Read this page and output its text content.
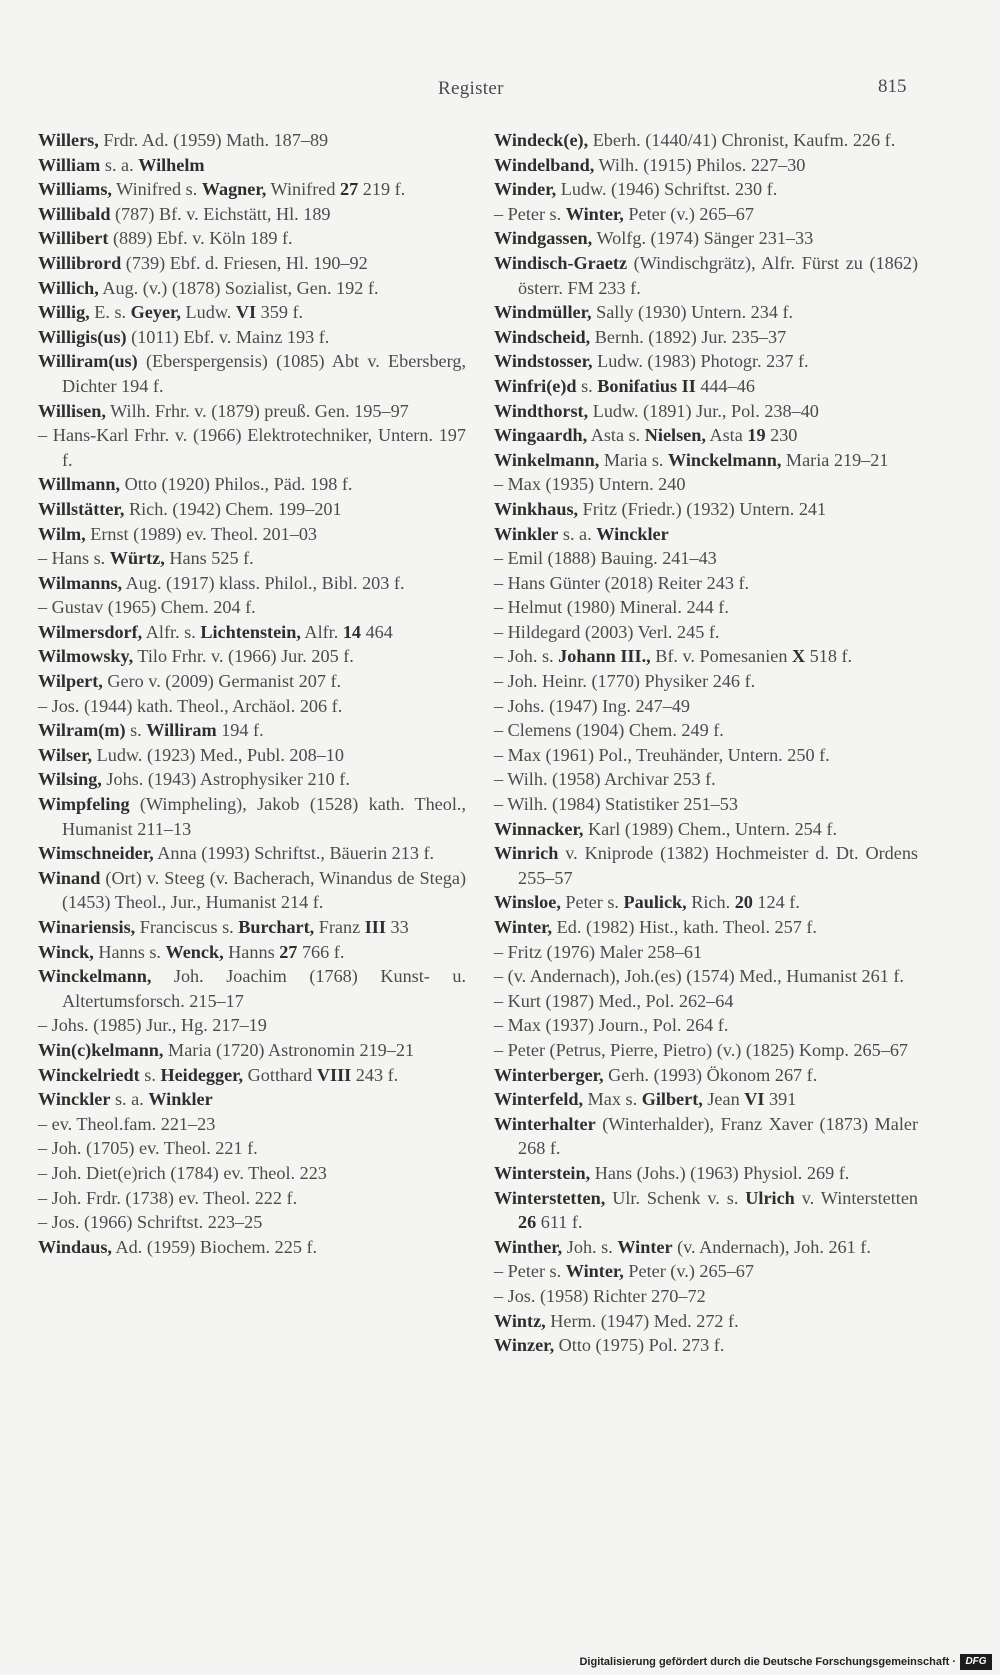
Register	815

Willers, Frdr. Ad. (1959) Math. 187–89

William s. a. Wilhelm

Williams, Winifred s. Wagner, Winifred 27 219 f.

Willibald (787) Bf. v. Eichstätt, Hl. 189

Willibert (889) Ebf. v. Köln 189 f.

Willibrord (739) Ebf. d. Friesen, Hl. 190–92

Willich, Aug. (v.) (1878) Sozialist, Gen. 192 f.

Willig, E. s. Geyer, Ludw. VI 359 f.

Willigis(us) (1011) Ebf. v. Mainz 193 f.

Williram(us) (Eberspergensis) (1085) Abt v. Ebersberg, Dichter 194 f.

Willisen, Wilh. Frhr. v. (1879) preuß. Gen. 195–97

– Hans-Karl Frhr. v. (1966) Elektrotechniker, Untern. 197 f.

Willmann, Otto (1920) Philos., Päd. 198 f.

Willstätter, Rich. (1942) Chem. 199–201

Wilm, Ernst (1989) ev. Theol. 201–03

– Hans s. Würtz, Hans 525 f.

Wilmanns, Aug. (1917) klass. Philol., Bibl. 203 f.

– Gustav (1965) Chem. 204 f.

Wilmersdorf, Alfr. s. Lichtenstein, Alfr. 14 464

Wilmowsky, Tilo Frhr. v. (1966) Jur. 205 f.

Wilpert, Gero v. (2009) Germanist 207 f.

– Jos. (1944) kath. Theol., Archäol. 206 f.

Wilram(m) s. Williram 194 f.

Wilser, Ludw. (1923) Med., Publ. 208–10

Wilsing, Johs. (1943) Astrophysiker 210 f.

Wimpfeling (Wimpheling), Jakob (1528) kath. Theol., Humanist 211–13

Wimschneider, Anna (1993) Schriftst., Bäuerin 213 f.

Winand (Ort) v. Steeg (v. Bacherach, Winandus de Stega) (1453) Theol., Jur., Humanist 214 f.

Winariensis, Franciscus s. Burchart, Franz III 33

Winck, Hanns s. Wenck, Hanns 27 766 f.

Winckelmann, Joh. Joachim (1768) Kunst- u. Altertumsforsch. 215–17

– Johs. (1985) Jur., Hg. 217–19

Win(c)kelmann, Maria (1720) Astronomin 219–21

Winckelriedt s. Heidegger, Gotthard VIII 243 f.

Winckler s. a. Winkler

– ev. Theol.fam. 221–23

– Joh. (1705) ev. Theol. 221 f.

– Joh. Diet(e)rich (1784) ev. Theol. 223

– Joh. Frdr. (1738) ev. Theol. 222 f.

– Jos. (1966) Schriftst. 223–25

Windaus, Ad. (1959) Biochem. 225 f.

Windeck(e), Eberh. (1440/41) Chronist, Kaufm. 226 f.

Windelband, Wilh. (1915) Philos. 227–30

Winder, Ludw. (1946) Schriftst. 230 f.

– Peter s. Winter, Peter (v.) 265–67

Windgassen, Wolfg. (1974) Sänger 231–33

Windisch-Graetz (Windischgrätz), Alfr. Fürst zu (1862) österr. FM 233 f.

Windmüller, Sally (1930) Untern. 234 f.

Windscheid, Bernh. (1892) Jur. 235–37

Windstosser, Ludw. (1983) Photogr. 237 f.

Winfri(e)d s. Bonifatius II 444–46

Windthorst, Ludw. (1891) Jur., Pol. 238–40

Wingaardh, Asta s. Nielsen, Asta 19 230

Winkelmann, Maria s. Winckelmann, Maria 219–21

– Max (1935) Untern. 240

Winkhaus, Fritz (Friedr.) (1932) Untern. 241

Winkler s. a. Winckler

– Emil (1888) Bauing. 241–43

– Hans Günter (2018) Reiter 243 f.

– Helmut (1980) Mineral. 244 f.

– Hildegard (2003) Verl. 245 f.

– Joh. s. Johann III., Bf. v. Pomesanien X 518 f.

– Joh. Heinr. (1770) Physiker 246 f.

– Johs. (1947) Ing. 247–49

– Clemens (1904) Chem. 249 f.

– Max (1961) Pol., Treuhänder, Untern. 250 f.

– Wilh. (1958) Archivar 253 f.

– Wilh. (1984) Statistiker 251–53

Winnacker, Karl (1989) Chem., Untern. 254 f.

Winrich v. Kniprode (1382) Hochmeister d. Dt. Ordens 255–57

Winsloe, Peter s. Paulick, Rich. 20 124 f.

Winter, Ed. (1982) Hist., kath. Theol. 257 f.

– Fritz (1976) Maler 258–61

– (v. Andernach), Joh.(es) (1574) Med., Humanist 261 f.

– Kurt (1987) Med., Pol. 262–64

– Max (1937) Journ., Pol. 264 f.

– Peter (Petrus, Pierre, Pietro) (v.) (1825) Komp. 265–67

Winterberger, Gerh. (1993) Ökonom 267 f.

Winterfeld, Max s. Gilbert, Jean VI 391

Winterhalter (Winterhalder), Franz Xaver (1873) Maler 268 f.

Winterstein, Hans (Johs.) (1963) Physiol. 269 f.

Winterstetten, Ulr. Schenk v. s. Ulrich v. Winterstetten 26 611 f.

Winther, Joh. s. Winter (v. Andernach), Joh. 261 f.

– Peter s. Winter, Peter (v.) 265–67

– Jos. (1958) Richter 270–72

Wintz, Herm. (1947) Med. 272 f.

Winzer, Otto (1975) Pol. 273 f.

Digitalisierung gefördert durch die Deutsche Forschungsgemeinschaft · DFG
